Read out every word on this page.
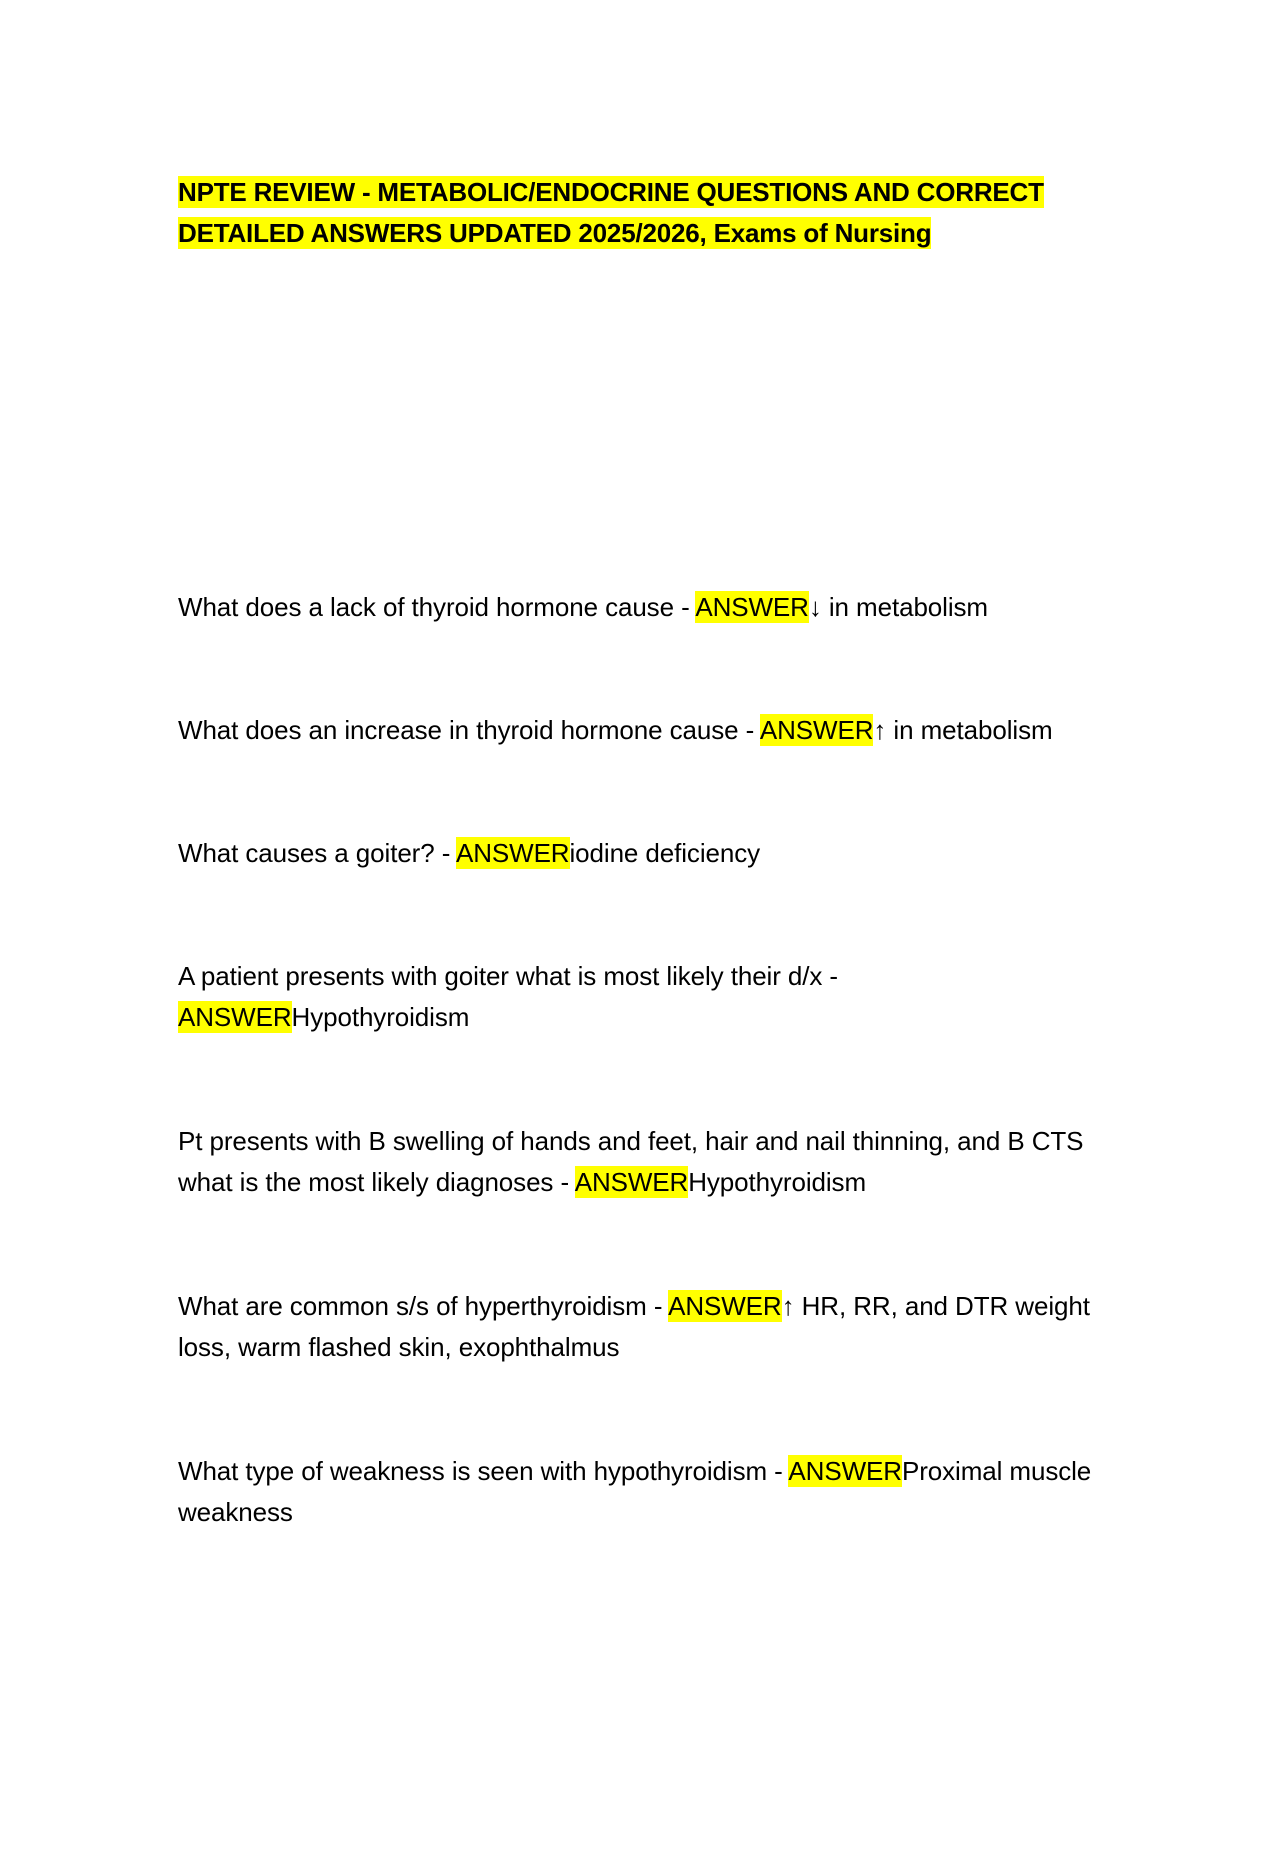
NPTE REVIEW - METABOLIC/ENDOCRINE QUESTIONS AND CORRECT DETAILED ANSWERS UPDATED 2025/2026, Exams of Nursing
What does a lack of thyroid hormone cause - ANSWER↓ in metabolism
What does an increase in thyroid hormone cause - ANSWER↑ in metabolism
What causes a goiter? - ANSWERiodine deficiency
A patient presents with goiter what is most likely their d/x - ANSWERHypothyroidism
Pt presents with B swelling of hands and feet, hair and nail thinning, and B CTS what is the most likely diagnoses - ANSWERHypothyroidism
What are common s/s of hyperthyroidism - ANSWER↑ HR, RR, and DTR weight loss, warm flashed skin, exophthalmus
What type of weakness is seen with hypothyroidism - ANSWERProximal muscle weakness
